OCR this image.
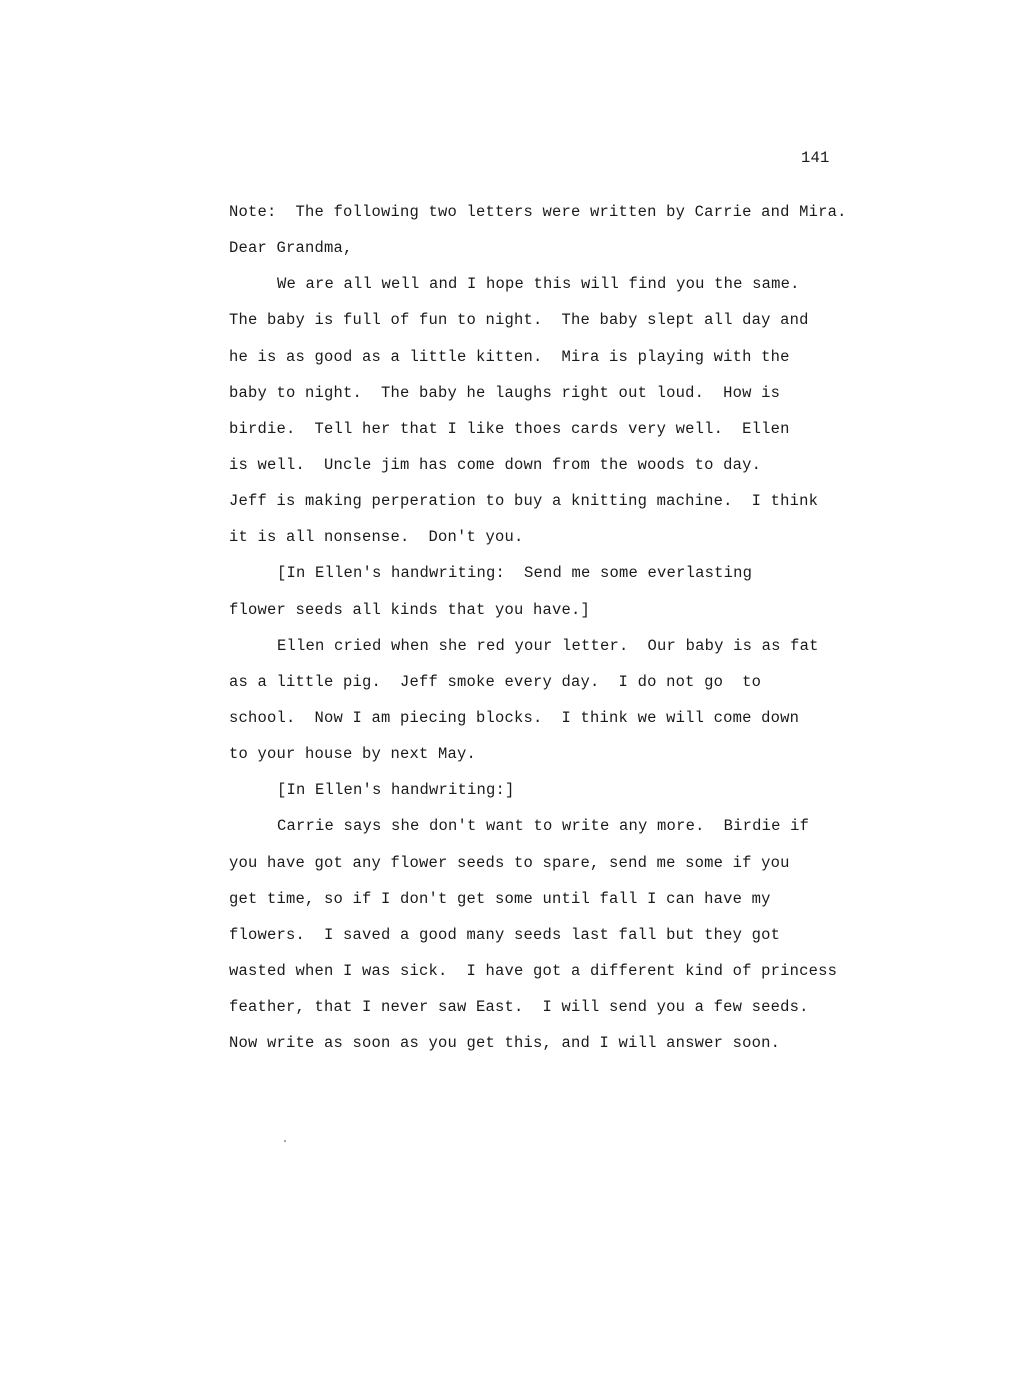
141

Note:  The following two letters were written by Carrie and Mira.

Dear Grandma,

We are all well and I hope this will find you the same.

The baby is full of fun to night.  The baby slept all day and

he is as good as a little kitten.  Mira is playing with the

baby to night.  The baby he laughs right out loud.  How is

birdie.  Tell her that I like thoes cards very well.  Ellen

is well.  Uncle jim has come down from the woods to day.

Jeff is making perperation to buy a knitting machine.  I think

it is all nonsense.  Don't you.

[In Ellen's handwriting:  Send me some everlasting

flower seeds all kinds that you have.]

Ellen cried when she red your letter.  Our baby is as fat

as a little pig.  Jeff smoke every day.  I do not go  to

school.  Now I am piecing blocks.  I think we will come down

to your house by next May.

[In Ellen's handwriting:]

Carrie says she don't want to write any more.  Birdie if

you have got any flower seeds to spare, send me some if you

get time, so if I don't get some until fall I can have my

flowers.  I saved a good many seeds last fall but they got

wasted when I was sick.  I have got a different kind of princess

feather, that I never saw East.  I will send you a few seeds.

Now write as soon as you get this, and I will answer soon.
